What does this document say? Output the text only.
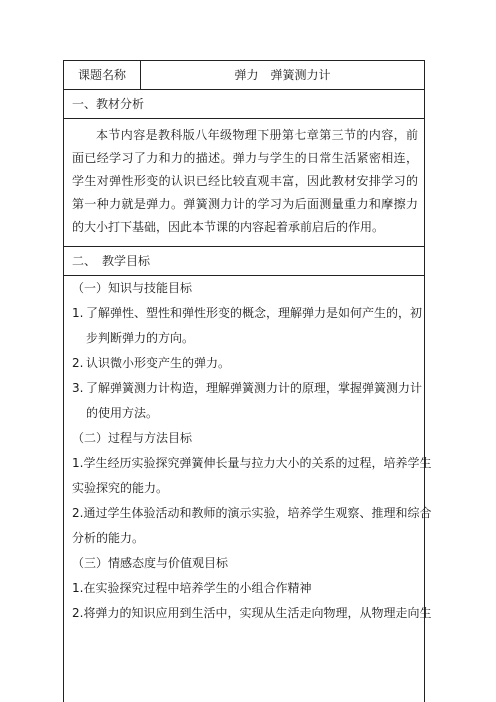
课题名称	弹力　弹簧测力计
一、教材分析

本节内容是教科版八年级物理下册第七章第三节的内容，前面已经学习了力和力的描述。弹力与学生的日常生活紧密相连，学生对弹性形变的认识已经比较直观丰富，因此教材安排学习的第一种力就是弹力。弹簧测力计的学习为后面测量重力和摩擦力的大小打下基础，因此本节课的内容起着承前启后的作用。

二、　教学目标
（一）知识与技能目标
1. 了解弹性、塑性和弹性形变的概念，理解弹力是如何产生的，初
步判断弹力的方向。
2. 认识微小形变产生的弹力。
3. 了解弹簧测力计构造，理解弹簧测力计的原理，掌握弹簧测力计
的使用方法。
（二）过程与方法目标
1.学生经历实验探究弹簧伸长量与拉力大小的关系的过程，培养学生
实验探究的能力。
2.通过学生体验活动和教师的演示实验，培养学生观察、推理和综合
分析的能力。
（三）情感态度与价值观目标
1.在实验探究过程中培养学生的小组合作精神
2.将弹力的知识应用到生活中，实现从生活走向物理，从物理走向生
